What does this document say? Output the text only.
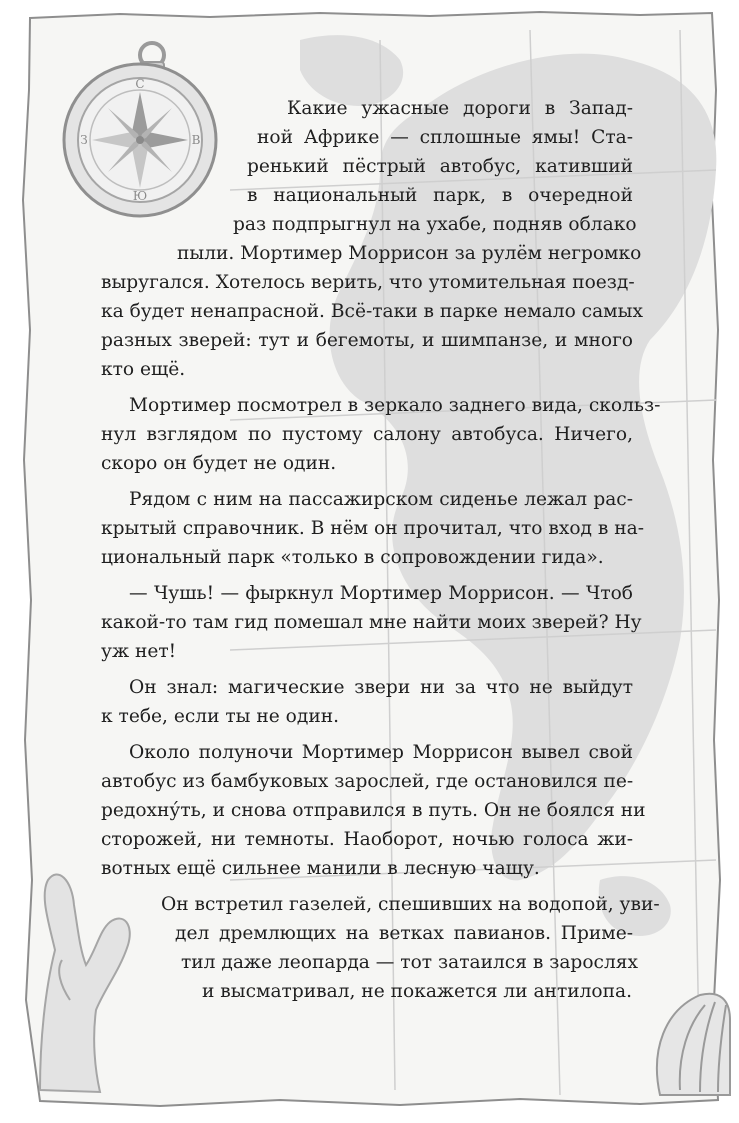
С
Ю
З	В
Какие ужасные дороги в Запад-
ной Африке — сплошные ямы! Ста-
ренький пёстрый автобус, кативший
в национальный парк, в очередной
раз подпрыгнул на ухабе, подняв облако
пыли. Мортимер Моррисон за рулём негромко
выругался. Хотелось верить, что утомительная поезд-
ка будет ненапрасной. Всё-таки в парке немало самых
разных зверей: тут и бегемоты, и шимпанзе, и много
кто ещё.
Мортимер посмотрел в зеркало заднего вида, скольз-
нул взглядом по пустому салону автобуса. Ничего,
скоро он будет не один.
Рядом с ним на пассажирском сиденье лежал рас-
крытый справочник. В нём он прочитал, что вход в на-
циональный парк «только в сопровождении гида».
— Чушь! — фыркнул Мортимер Моррисон. — Чтоб
какой-то там гид помешал мне найти моих зверей? Ну
уж нет!
Он знал: магические звери ни за что не выйдут
к тебе, если ты не один.
Около полуночи Мортимер Моррисон вывел свой
автобус из бамбуковых зарослей, где остановился пе-
редохну́ть, и снова отправился в путь. Он не боялся ни
сторожей, ни темноты. Наоборот, ночью голоса жи-
вотных ещё сильнее манили в лесную чащу.
Он встретил газелей, спешивших на водопой, уви-
дел дремлющих на ветках павианов. Приме-
тил даже леопарда — тот затаился в зарослях
и высматривал, не покажется ли антилопа.
